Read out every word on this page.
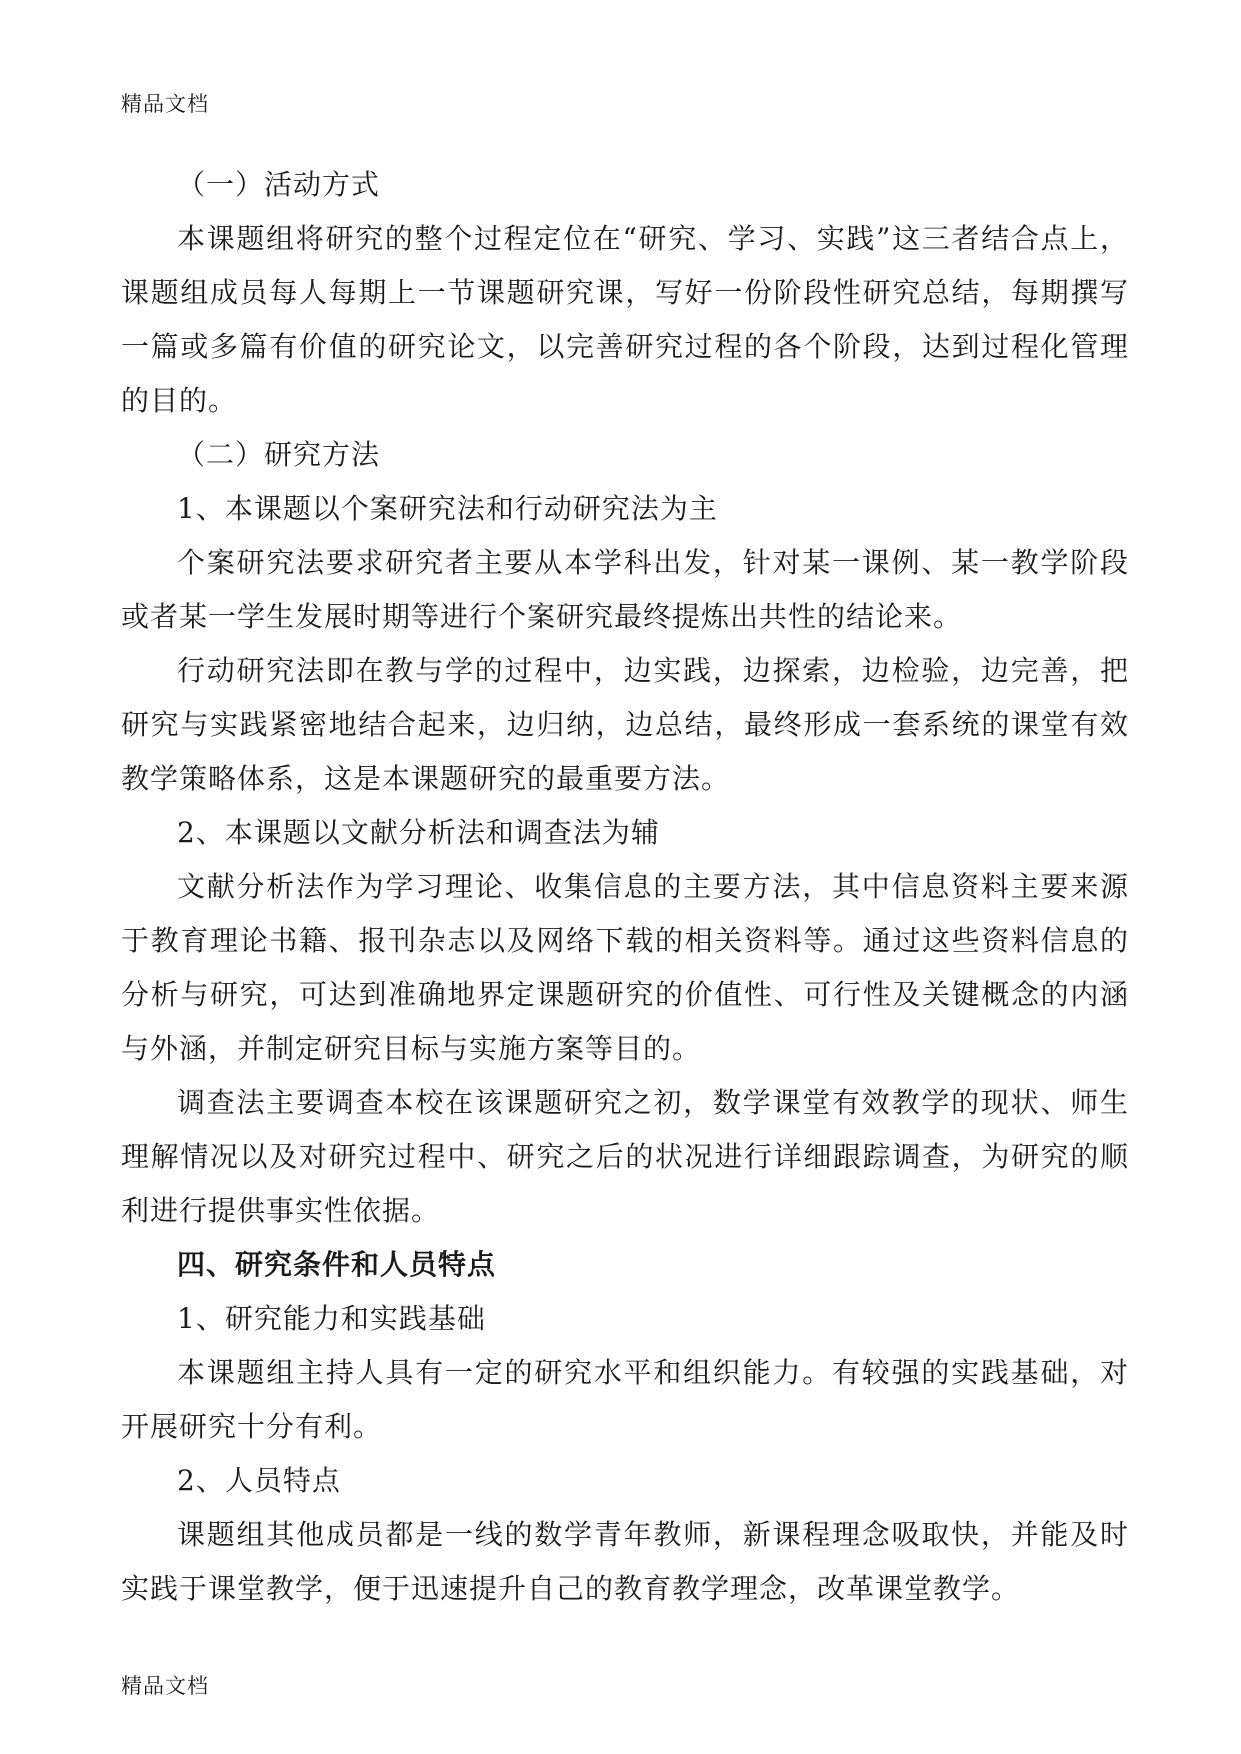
精品文档

（一）活动方式

本课题组将研究的整个过程定位在“研究、学习、实践”这三者结合点上，课题组成员每人每期上一节课题研究课，写好一份阶段性研究总结，每期撰写一篇或多篇有价值的研究论文，以完善研究过程的各个阶段，达到过程化管理的目的。

（二）研究方法

1、本课题以个案研究法和行动研究法为主

个案研究法要求研究者主要从本学科出发，针对某一课例、某一教学阶段或者某一学生发展时期等进行个案研究最终提炼出共性的结论来。

行动研究法即在教与学的过程中，边实践，边探索，边检验，边完善，把研究与实践紧密地结合起来，边归纳，边总结，最终形成一套系统的课堂有效教学策略体系，这是本课题研究的最重要方法。

2、本课题以文献分析法和调查法为辅

文献分析法作为学习理论、收集信息的主要方法，其中信息资料主要来源于教育理论书籍、报刊杂志以及网络下载的相关资料等。通过这些资料信息的分析与研究，可达到准确地界定课题研究的价值性、可行性及关键概念的内涵与外涵，并制定研究目标与实施方案等目的。

调查法主要调查本校在该课题研究之初，数学课堂有效教学的现状、师生理解情况以及对研究过程中、研究之后的状况进行详细跟踪调查，为研究的顺利进行提供事实性依据。

四、研究条件和人员特点

1、研究能力和实践基础

本课题组主持人具有一定的研究水平和组织能力。有较强的实践基础，对开展研究十分有利。

2、人员特点

课题组其他成员都是一线的数学青年教师，新课程理念吸取快，并能及时实践于课堂教学，便于迅速提升自己的教育教学理念，改革课堂教学。

精品文档
